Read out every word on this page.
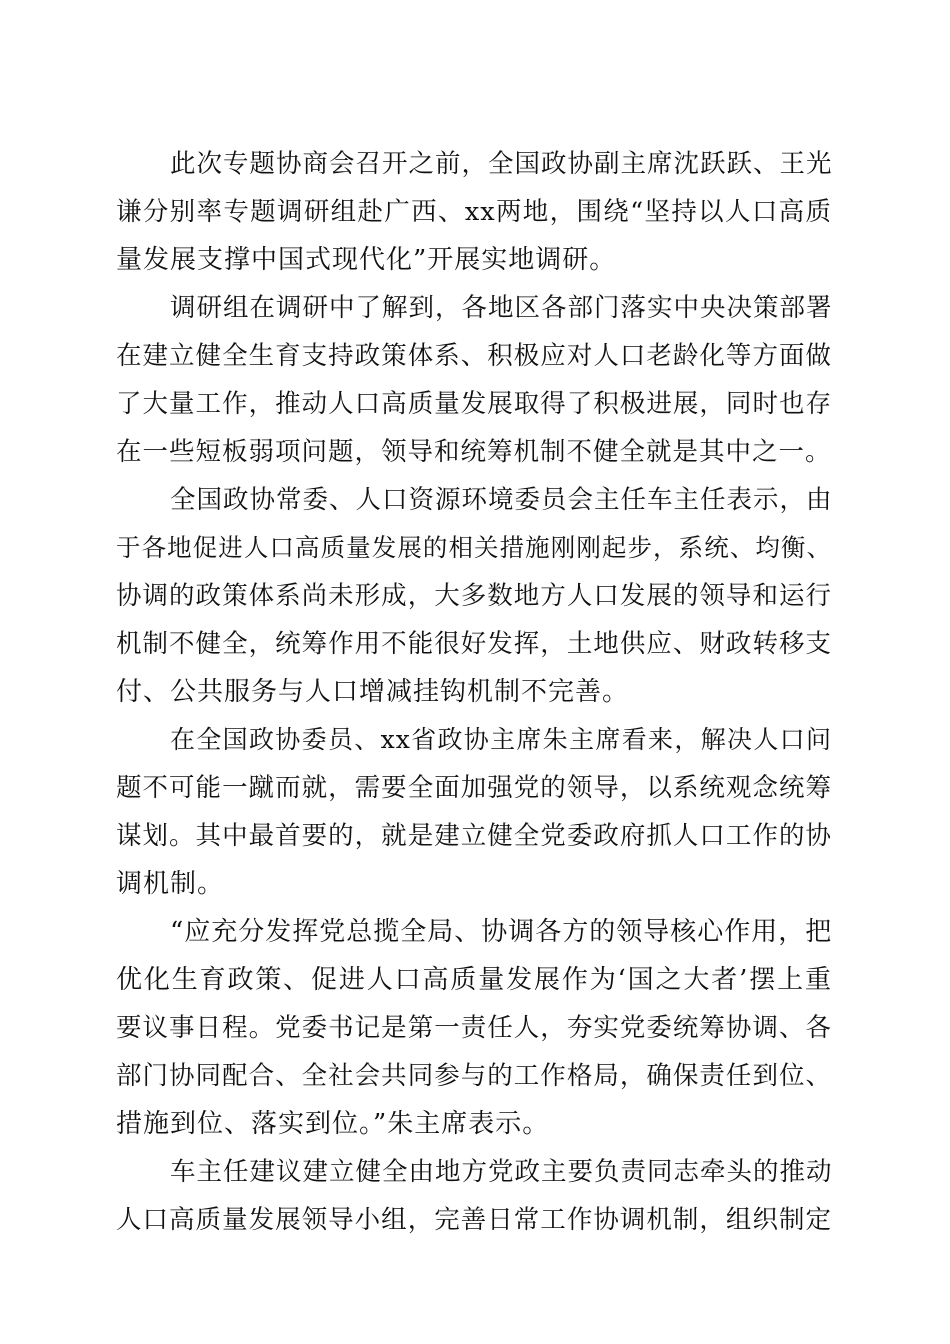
此次专题协商会召开之前，全国政协副主席沈跃跃、王光
谦分别率专题调研组赴广西、xx两地，围绕“坚持以人口高质
量发展支撑中国式现代化”开展实地调研。
调研组在调研中了解到，各地区各部门落实中央决策部署
在建立健全生育支持政策体系、积极应对人口老龄化等方面做
了大量工作，推动人口高质量发展取得了积极进展，同时也存
在一些短板弱项问题，领导和统筹机制不健全就是其中之一。
全国政协常委、人口资源环境委员会主任车主任表示，由
于各地促进人口高质量发展的相关措施刚刚起步，系统、均衡、
协调的政策体系尚未形成，大多数地方人口发展的领导和运行
机制不健全，统筹作用不能很好发挥，土地供应、财政转移支
付、公共服务与人口增减挂钩机制不完善。
在全国政协委员、xx省政协主席朱主席看来，解决人口问
题不可能一蹴而就，需要全面加强党的领导，以系统观念统筹
谋划。其中最首要的，就是建立健全党委政府抓人口工作的协
调机制。
“应充分发挥党总揽全局、协调各方的领导核心作用，把
优化生育政策、促进人口高质量发展作为‘国之大者’摆上重
要议事日程。党委书记是第一责任人，夯实党委统筹协调、各
部门协同配合、全社会共同参与的工作格局，确保责任到位、
措施到位、落实到位。”朱主席表示。
车主任建议建立健全由地方党政主要负责同志牵头的推动
人口高质量发展领导小组，完善日常工作协调机制，组织制定
